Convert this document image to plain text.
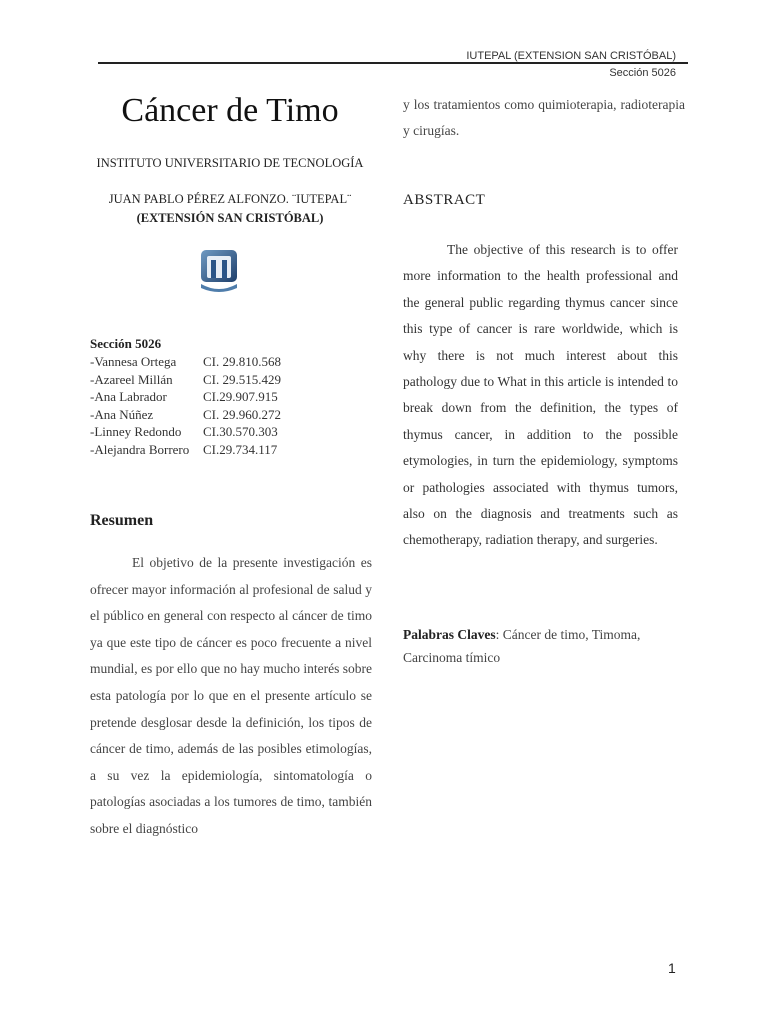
IUTEPAL (EXTENSION SAN CRISTÓBAL)
Sección 5026
Cáncer de Timo
INSTITUTO UNIVERSITARIO DE TECNOLOGÍA
JUAN PABLO PÉREZ ALFONZO. ¨IUTEPAL¨
(EXTENSIÓN SAN CRISTÓBAL)
Sección 5026
-Vannesa Ortega	CI. 29.810.568
-Azareel Millán	CI. 29.515.429
-Ana Labrador	CI.29.907.915
-Ana Núñez	CI. 29.960.272
-Linney Redondo	CI.30.570.303
-Alejandra Borrero	CI.29.734.117
Resumen
El objetivo de la presente investigación es ofrecer mayor información al profesional de salud y el público en general con respecto al cáncer de timo ya que este tipo de cáncer es poco frecuente a nivel mundial, es por ello que no hay mucho interés sobre esta patología por lo que en el presente artículo se pretende desglosar desde la definición, los tipos de cáncer de timo, además de las posibles etimologías, a su vez la epidemiología, sintomatología o patologías asociadas a los tumores de timo, también sobre el diagnóstico
y los tratamientos como quimioterapia, radioterapia y cirugías.
ABSTRACT
The objective of this research is to offer more information to the health professional and the general public regarding thymus cancer since this type of cancer is rare worldwide, which is why there is not much interest about this pathology due to What in this article is intended to break down from the definition, the types of thymus cancer, in addition to the possible etymologies, in turn the epidemiology, symptoms or pathologies associated with thymus tumors, also on the diagnosis and treatments such as chemotherapy, radiation therapy, and surgeries.
Palabras Claves: Cáncer de timo, Timoma, Carcinoma tímico
1
